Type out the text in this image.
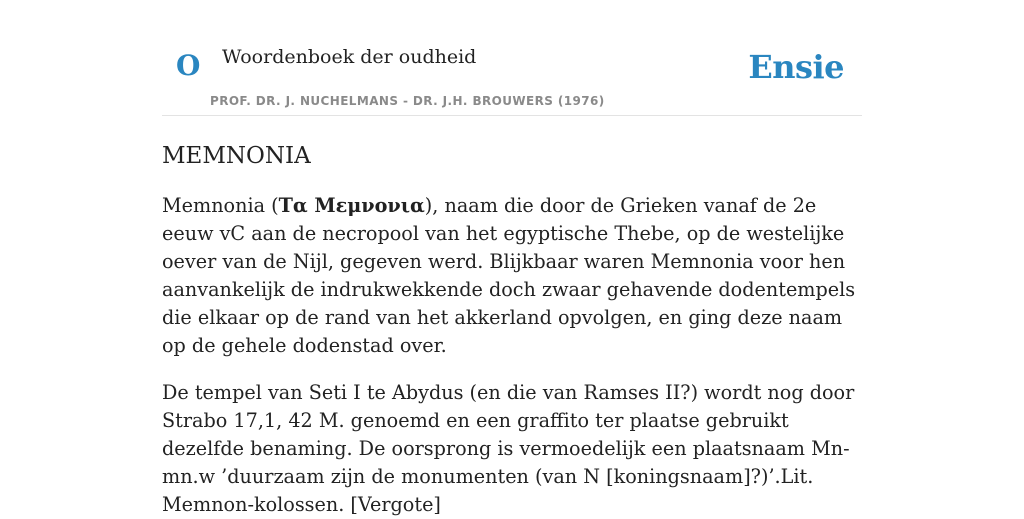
O Woordenboek der oudheid
PROF. DR. J. NUCHELMANS - DR. J.H. BROUWERS (1976)
Ensie
MEMNONIA

Memnonia (Τα Μεμνονια), naam die door de Grieken vanaf de 2e eeuw vC aan de necropool van het egyptische Thebe, op de westelijke oever van de Nijl, gegeven werd. Blijkbaar waren Memnonia voor hen aanvankelijk de indrukwekkende doch zwaar gehavende dodentempels die elkaar op de rand van het akkerland opvolgen, en ging deze naam op de gehele dodenstad over.

De tempel van Seti I te Abydus (en die van Ramses II?) wordt nog door Strabo 17,1, 42 M. genoemd en een graffito ter plaatse gebruikt dezelfde benaming. De oorsprong is vermoedelijk een plaatsnaam Mn-mn.w ’duurzaam zijn de monumenten (van N [koningsnaam]?)’.Lit. Memnon-kolossen. [Vergote]
